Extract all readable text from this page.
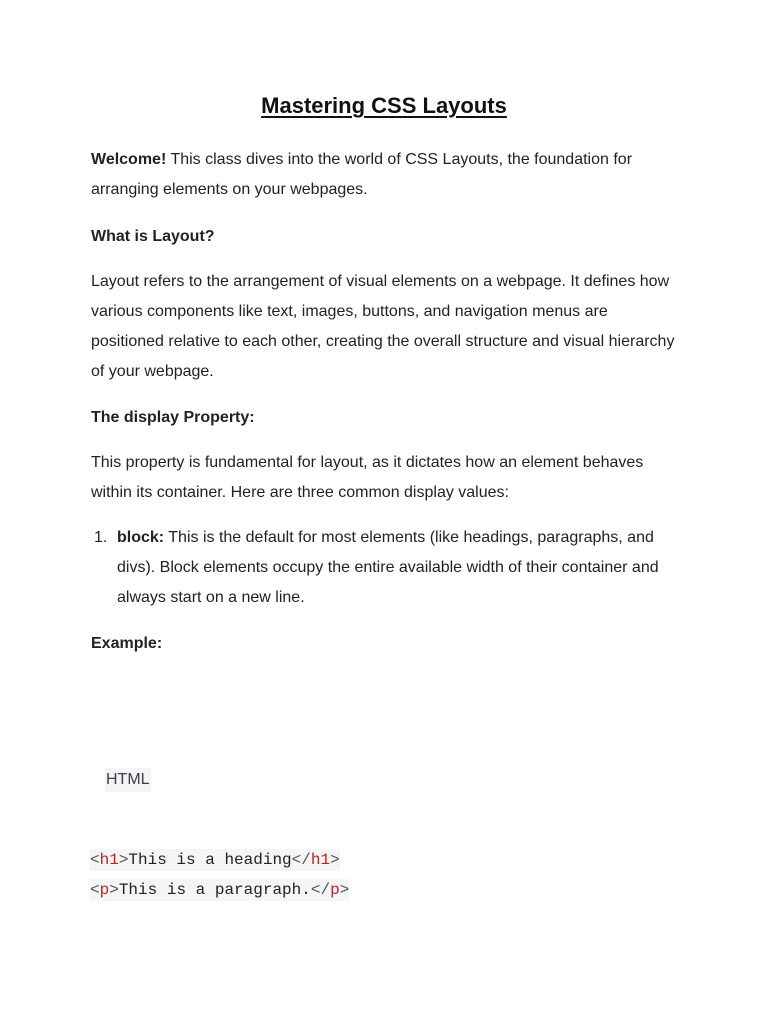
Mastering CSS Layouts

Welcome! This class dives into the world of CSS Layouts, the foundation for arranging elements on your webpages.

What is Layout?

Layout refers to the arrangement of visual elements on a webpage. It defines how various components like text, images, buttons, and navigation menus are positioned relative to each other, creating the overall structure and visual hierarchy of your webpage.

The display Property:

This property is fundamental for layout, as it dictates how an element behaves within its container. Here are three common display values:

1. block: This is the default for most elements (like headings, paragraphs, and divs). Block elements occupy the entire available width of their container and always start on a new line.

Example:

HTML
<h1>This is a heading</h1>
<p>This is a paragraph.</p>
